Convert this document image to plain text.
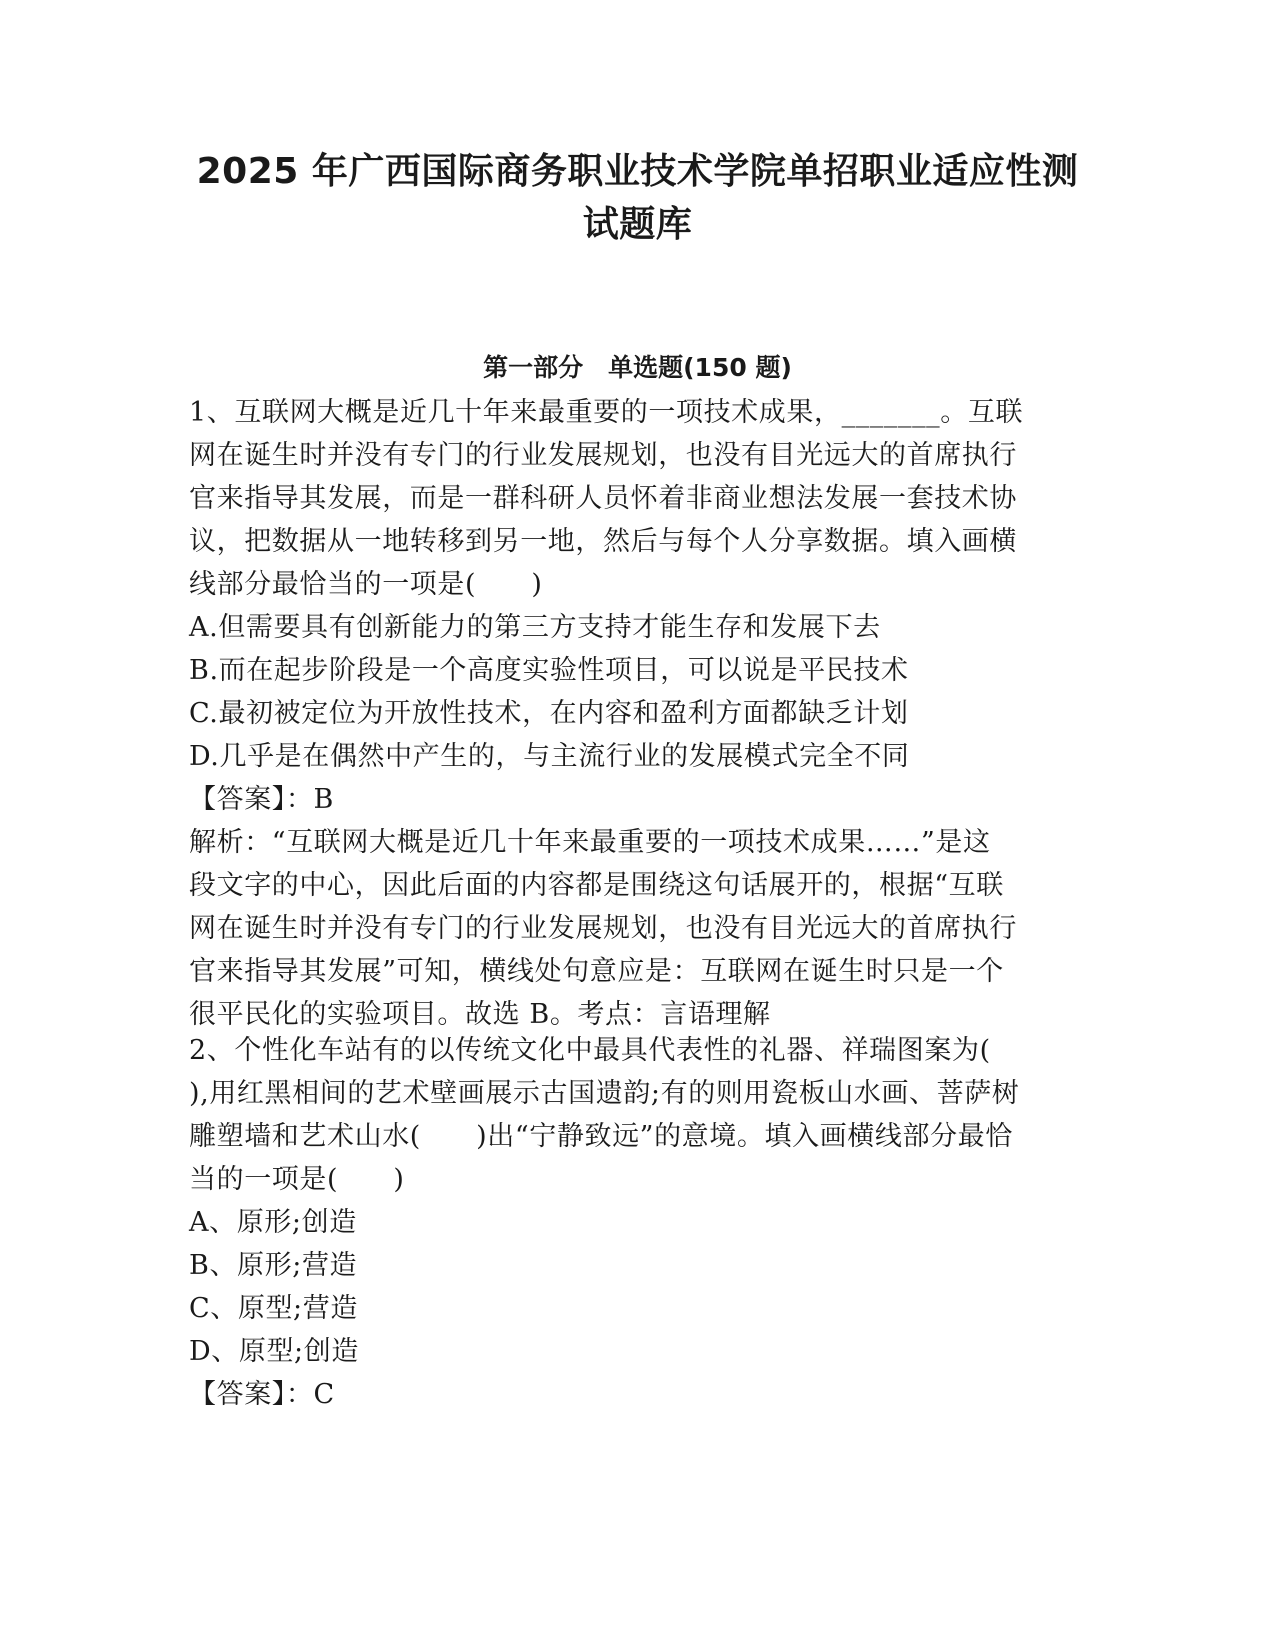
2025 年广西国际商务职业技术学院单招职业适应性测
试题库
第一部分　单选题(150 题)
1、互联网大概是近几十年来最重要的一项技术成果，_______。互联
网在诞生时并没有专门的行业发展规划，也没有目光远大的首席执行
官来指导其发展，而是一群科研人员怀着非商业想法发展一套技术协
议，把数据从一地转移到另一地，然后与每个人分享数据。填入画横
线部分最恰当的一项是(　　)
A.但需要具有创新能力的第三方支持才能生存和发展下去
B.而在起步阶段是一个高度实验性项目，可以说是平民技术
C.最初被定位为开放性技术，在内容和盈利方面都缺乏计划
D.几乎是在偶然中产生的，与主流行业的发展模式完全不同
【答案】：B
解析：“互联网大概是近几十年来最重要的一项技术成果……”是这
段文字的中心，因此后面的内容都是围绕这句话展开的，根据“互联
网在诞生时并没有专门的行业发展规划，也没有目光远大的首席执行
官来指导其发展”可知，横线处句意应是：互联网在诞生时只是一个
很平民化的实验项目。故选 B。考点：言语理解
2、个性化车站有的以传统文化中最具代表性的礼器、祥瑞图案为(
),用红黑相间的艺术壁画展示古国遗韵;有的则用瓷板山水画、菩萨树
雕塑墙和艺术山水(　　)出“宁静致远”的意境。填入画横线部分最恰
当的一项是(　　)
A、原形;创造
B、原形;营造
C、原型;营造
D、原型;创造
【答案】：C
